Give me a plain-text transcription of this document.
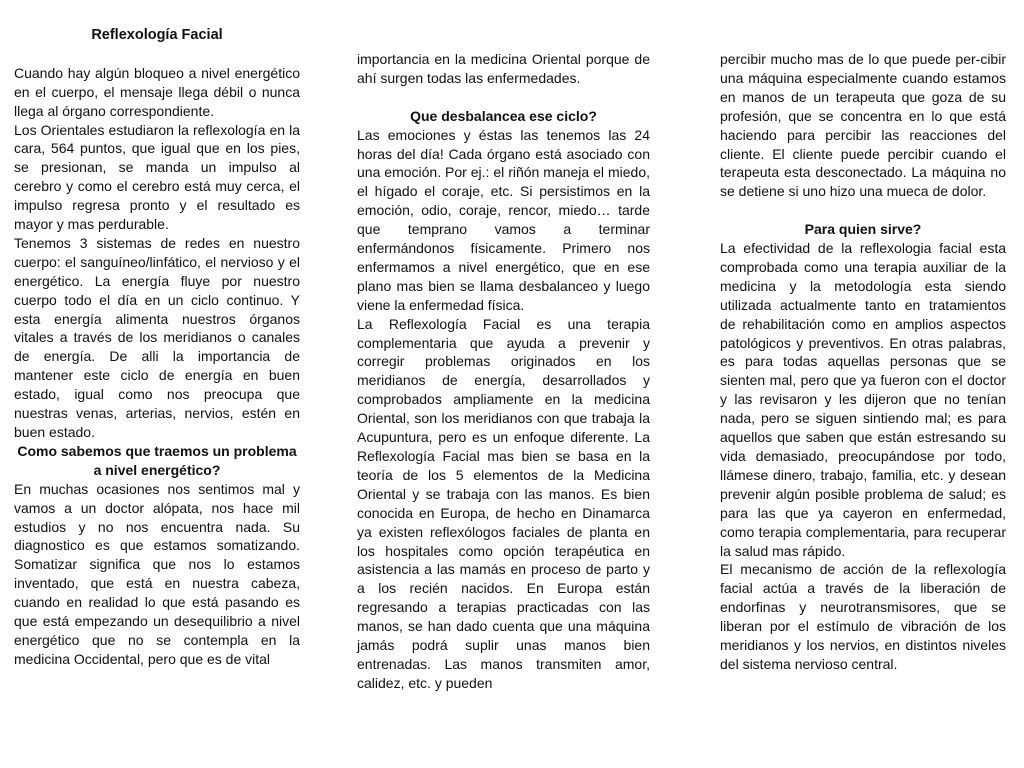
Reflexología Facial

Cuando hay algún bloqueo a nivel energético en el cuerpo, el mensaje llega débil o nunca llega al órgano correspondiente.

Los Orientales estudiaron la reflexología en la cara, 564 puntos, que igual que en los pies, se presionan, se manda un impulso al cerebro y como el cerebro está muy cerca, el impulso regresa pronto y el resultado es mayor y mas perdurable.

Tenemos 3 sistemas de redes en nuestro cuerpo: el sanguíneo/linfático, el nervioso y el energético. La energía fluye por nuestro cuerpo todo el día en un ciclo continuo. Y esta energía alimenta nuestros órganos vitales a través de los meridianos o canales de energía. De alli la importancia de mantener este ciclo de energía en buen estado, igual como nos preocupa que nuestras venas, arterias, nervios, estén en buen estado.

Como sabemos que traemos un problema a nivel energético?

En muchas ocasiones nos sentimos mal y vamos a un doctor alópata, nos hace mil estudios y no nos encuentra nada. Su diagnostico es que estamos somatizando. Somatizar significa que nos lo estamos inventado, que está en nuestra cabeza, cuando en realidad lo que está pasando es que está empezando un desequilibrio a nivel energético que no se contempla en la medicina Occidental, pero que es de vital

importancia en la medicina Oriental porque de ahí surgen todas las enfermedades.

Que desbalancea ese ciclo?

Las emociones y éstas las tenemos las 24 horas del día! Cada órgano está asociado con una emoción. Por ej.: el riñón maneja el miedo, el hígado el coraje, etc. Si persistimos en la emoción, odio, coraje, rencor, miedo… tarde que temprano vamos a terminar enfermándonos físicamente. Primero nos enfermamos a nivel energético, que en ese plano mas bien se llama desbalanceo y luego viene la enfermedad física.

La Reflexología Facial es una terapia complementaria que ayuda a prevenir y corregir problemas originados en los meridianos de energía, desarrollados y comprobados ampliamente en la medicina Oriental, son los meridianos con que trabaja la Acupuntura, pero es un enfoque diferente. La Reflexología Facial mas bien se basa en la teoría de los 5 elementos de la Medicina Oriental y se trabaja con las manos. Es bien conocida en Europa, de hecho en Dinamarca ya existen reflexólogos faciales de planta en los hospitales como opción terapéutica en asistencia a las mamás en proceso de parto y a los recién nacidos. En Europa están regresando a terapias practicadas con las manos, se han dado cuenta que una máquina jamás podrá suplir unas manos bien entrenadas. Las manos transmiten amor, calidez, etc. y pueden

percibir mucho mas de lo que puede per-cibir una máquina especialmente cuando estamos en manos de un terapeuta que goza de su profesión, que se concentra en lo que está haciendo para percibir las reacciones del cliente. El cliente puede percibir cuando el terapeuta esta desconectado. La máquina no se detiene si uno hizo una mueca de dolor.

Para quien sirve?

La efectividad de la reflexologia facial esta comprobada como una terapia auxiliar de la medicina y la metodología esta siendo utilizada actualmente tanto en tratamientos de rehabilitación como en amplios aspectos patológicos y preventivos. En otras palabras, es para todas aquellas personas que se sienten mal, pero que ya fueron con el doctor y las revisaron y les dijeron que no tenían nada, pero se siguen sintiendo mal; es para aquellos que saben que están estresando su vida demasiado, preocupándose por todo, llámese dinero, trabajo, familia, etc. y desean prevenir algún posible problema de salud; es para las que ya cayeron en enfermedad, como terapia complementaria, para recuperar la salud mas rápido.

El mecanismo de acción de la reflexología facial actúa a través de la liberación de endorfinas y neurotransmisores, que se liberan por el estímulo de vibración de los meridianos y los nervios, en distintos niveles del sistema nervioso central.
